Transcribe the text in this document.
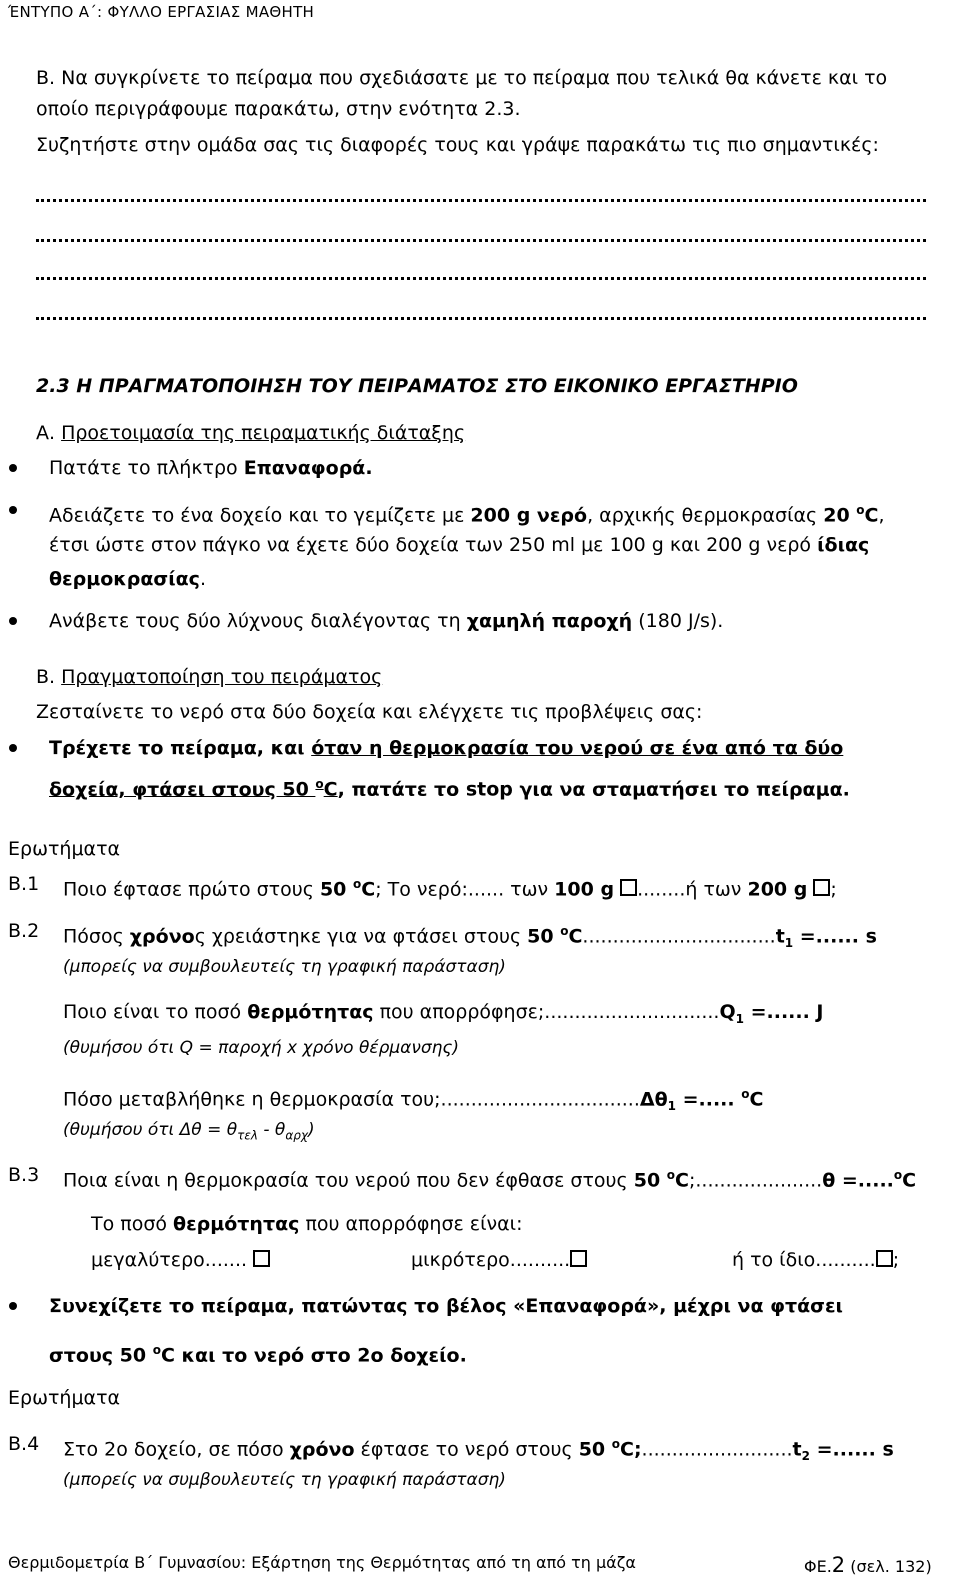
ΈΝΤΥΠΟ Α΄: ΦΥΛΛΟ ΕΡΓΑΣΙΑΣ ΜΑΘΗΤΗ
Β. Να συγκρίνετε το πείραμα που σχεδιάσατε με το πείραμα που τελικά θα κάνετε και το
οποίο περιγράφουμε παρακάτω, στην ενότητα 2.3.
Συζητήστε στην ομάδα σας τις διαφορές τους και γράψε παρακάτω τις πιο σημαντικές:
2.3 Η ΠΡΑΓΜΑΤΟΠΟΙΗΣΗ ΤΟΥ ΠΕΙΡΑΜΑΤΟΣ ΣΤΟ ΕΙΚΟΝΙΚΟ ΕΡΓΑΣΤΗΡΙΟ
Α. Προετοιμασία της πειραματικής διάταξης
Πατάτε το πλήκτρο Επαναφορά.
Αδειάζετε το ένα δοχείο και το γεμίζετε με 200 g νερό, αρχικής θερμοκρασίας 20 $^o$C,
έτσι ώστε στον πάγκο να έχετε δύο δοχεία των 250 ml με 100 g και 200 g νερό ίδιας
θερμοκρασίας.
Ανάβετε τους δύο λύχνους διαλέγοντας τη χαμηλή παροχή (180 J/s).
Β. Πραγματοποίηση του πειράματος
Ζεσταίνετε το νερό στα δύο δοχεία και ελέγχετε τις προβλέψεις σας:
Τρέχετε το πείραμα, και όταν η θερμοκρασία του νερού σε ένα από τα δύο
δοχεία, φτάσει στους 50 $^o$C, πατάτε το stop για να σταματήσει το πείραμα.
Ερωτήματα
Β.1 Ποιο έφτασε πρώτο στους 50 $^o$C; Το νερό:...... των 100 g ........ή των 200 g ;
Β.2 Πόσος χρόνος χρειάστηκε για να φτάσει στους 50 $^oC................................t_1$ =...... s
(μπορείς να συμβουλευτείς τη γραφική παράσταση)
Ποιο είναι το ποσό θερμότητας που $\alpha\pi o\rho\rho ό\varphi\eta\sigma\varepsilon;.............................Q_1$ =...... J
(θυμήσου ότι Q = παροχή x χρόνο θέρμανσης)
Πόσο μεταβλήθηκε η θερμοκρασία $\tau o\upsilon;.................................\Delta\theta_1$ =..... $^o$C
(θυμήσου ότι $\Delta\theta = \theta_{\tau\varepsilon\lambda} - \theta_{\alpha\rho\chi}$)
Β.3 Ποια είναι η θερμοκρασία του νερού που δεν έφθασε στους 50 $^o$C;.....................θ =.....$^o$C
Το ποσό θερμότητας που απορρόφησε είναι:
μεγαλύτερο.......	μικρότερο..........	ή το ίδιο.......... ;
Συνεχίζετε το πείραμα, πατώντας το βέλος «Επαναφορά», μέχρι να φτάσει
στους 50 $^o$C και το νερό στο 2ο δοχείο.
Ερωτήματα
Β.4 Στο 2ο δοχείο, σε πόσο χρόνο έφτασε το νερό στους 50 $^oC;.........................t_2$ =...... s
(μπορείς να συμβουλευτείς τη γραφική παράσταση)
Θερμιδομετρία Β΄ Γυμνασίου: Εξάρτηση της Θερμότητας από τη από τη μάζα	ΦΕ.2 (σελ. 132)
